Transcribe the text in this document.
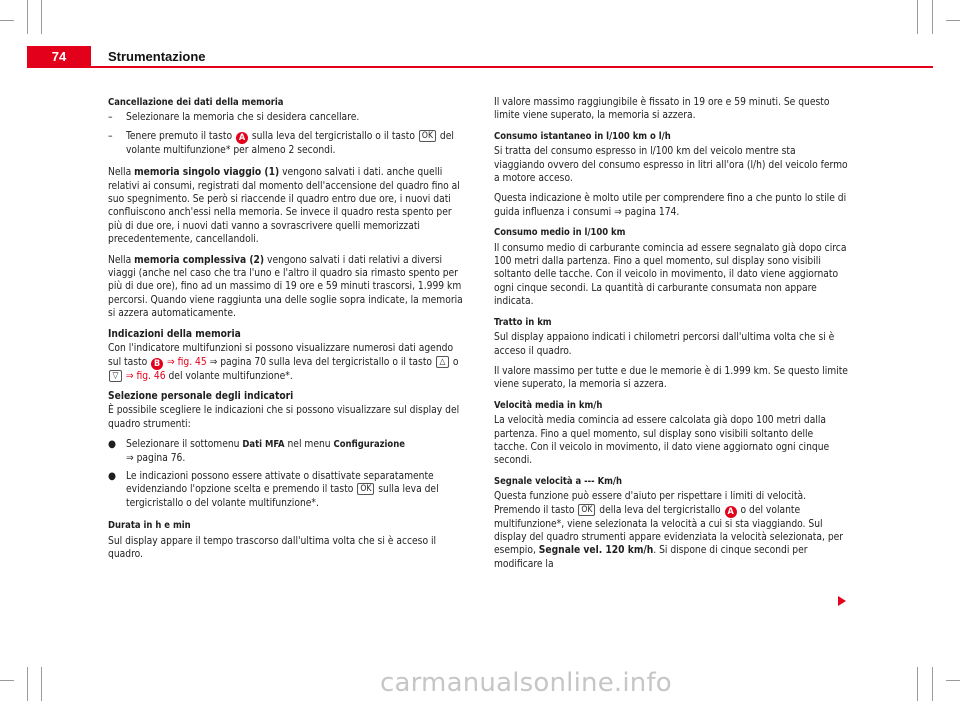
74	Strumentazione

Cancellazione dei dati della memoria

– Selezionare la memoria che si desidera cancellare.
– Tenere premuto il tasto A sulla leva del tergicristallo o il tasto OK del volante multifunzione* per almeno 2 secondi.

Nella memoria singolo viaggio (1) vengono salvati i dati. anche quelli relativi ai consumi, registrati dal momento dell'accensione del quadro fino al suo spegnimento. Se però si riaccende il quadro entro due ore, i nuovi dati confluiscono anch'essi nella memoria. Se invece il quadro resta spento per più di due ore, i nuovi dati vanno a sovrascrivere quelli memorizzati precedentemente, cancellandoli.

Nella memoria complessiva (2) vengono salvati i dati relativi a diversi viaggi (anche nel caso che tra l'uno e l'altro il quadro sia rimasto spento per più di due ore), fino ad un massimo di 19 ore e 59 minuti trascorsi, 1.999 km percorsi. Quando viene raggiunta una delle soglie sopra indicate, la memoria si azzera automaticamente.

Indicazioni della memoria

Con l'indicatore multifunzioni si possono visualizzare numerosi dati agendo sul tasto B ⇒ fig. 45 ⇒ pagina 70 sulla leva del tergicristallo o il tasto △ o ▽ ⇒ fig. 46 del volante multifunzione*.

Selezione personale degli indicatori

È possibile scegliere le indicazioni che si possono visualizzare sul display del quadro strumenti:

● Selezionare il sottomenu Dati MFA nel menu Configurazione
⇒ pagina 76.
● Le indicazioni possono essere attivate o disattivate separatamente evidenziando l'opzione scelta e premendo il tasto OK sulla leva del tergicristallo o del volante multifunzione*.

Durata in h e min

Sul display appare il tempo trascorso dall'ultima volta che si è acceso il quadro.

Il valore massimo raggiungibile è fissato in 19 ore e 59 minuti. Se questo limite viene superato, la memoria si azzera.

Consumo istantaneo in l/100 km o l/h

Si tratta del consumo espresso in l/100 km del veicolo mentre sta viaggiando ovvero del consumo espresso in litri all'ora (l/h) del veicolo fermo a motore acceso.

Questa indicazione è molto utile per comprendere fino a che punto lo stile di guida influenza i consumi ⇒ pagina 174.

Consumo medio in l/100 km

Il consumo medio di carburante comincia ad essere segnalato già dopo circa 100 metri dalla partenza. Fino a quel momento, sul display sono visibili soltanto delle tacche. Con il veicolo in movimento, il dato viene aggiornato ogni cinque secondi. La quantità di carburante consumata non appare indicata.

Tratto in km

Sul display appaiono indicati i chilometri percorsi dall'ultima volta che si è acceso il quadro.

Il valore massimo per tutte e due le memorie è di 1.999 km. Se questo limite viene superato, la memoria si azzera.

Velocità media in km/h

La velocità media comincia ad essere calcolata già dopo 100 metri dalla partenza. Fino a quel momento, sul display sono visibili soltanto delle tacche. Con il veicolo in movimento, il dato viene aggiornato ogni cinque secondi.

Segnale velocità a --- Km/h

Questa funzione può essere d'aiuto per rispettare i limiti di velocità. Premendo il tasto OK della leva del tergicristallo A o del volante multifunzione*, viene selezionata la velocità a cui si sta viaggiando. Sul display del quadro strumenti appare evidenziata la velocità selezionata, per esempio, Segnale vel. 120 km/h. Si dispone di cinque secondi per modificare la

carmanualsonline.info
